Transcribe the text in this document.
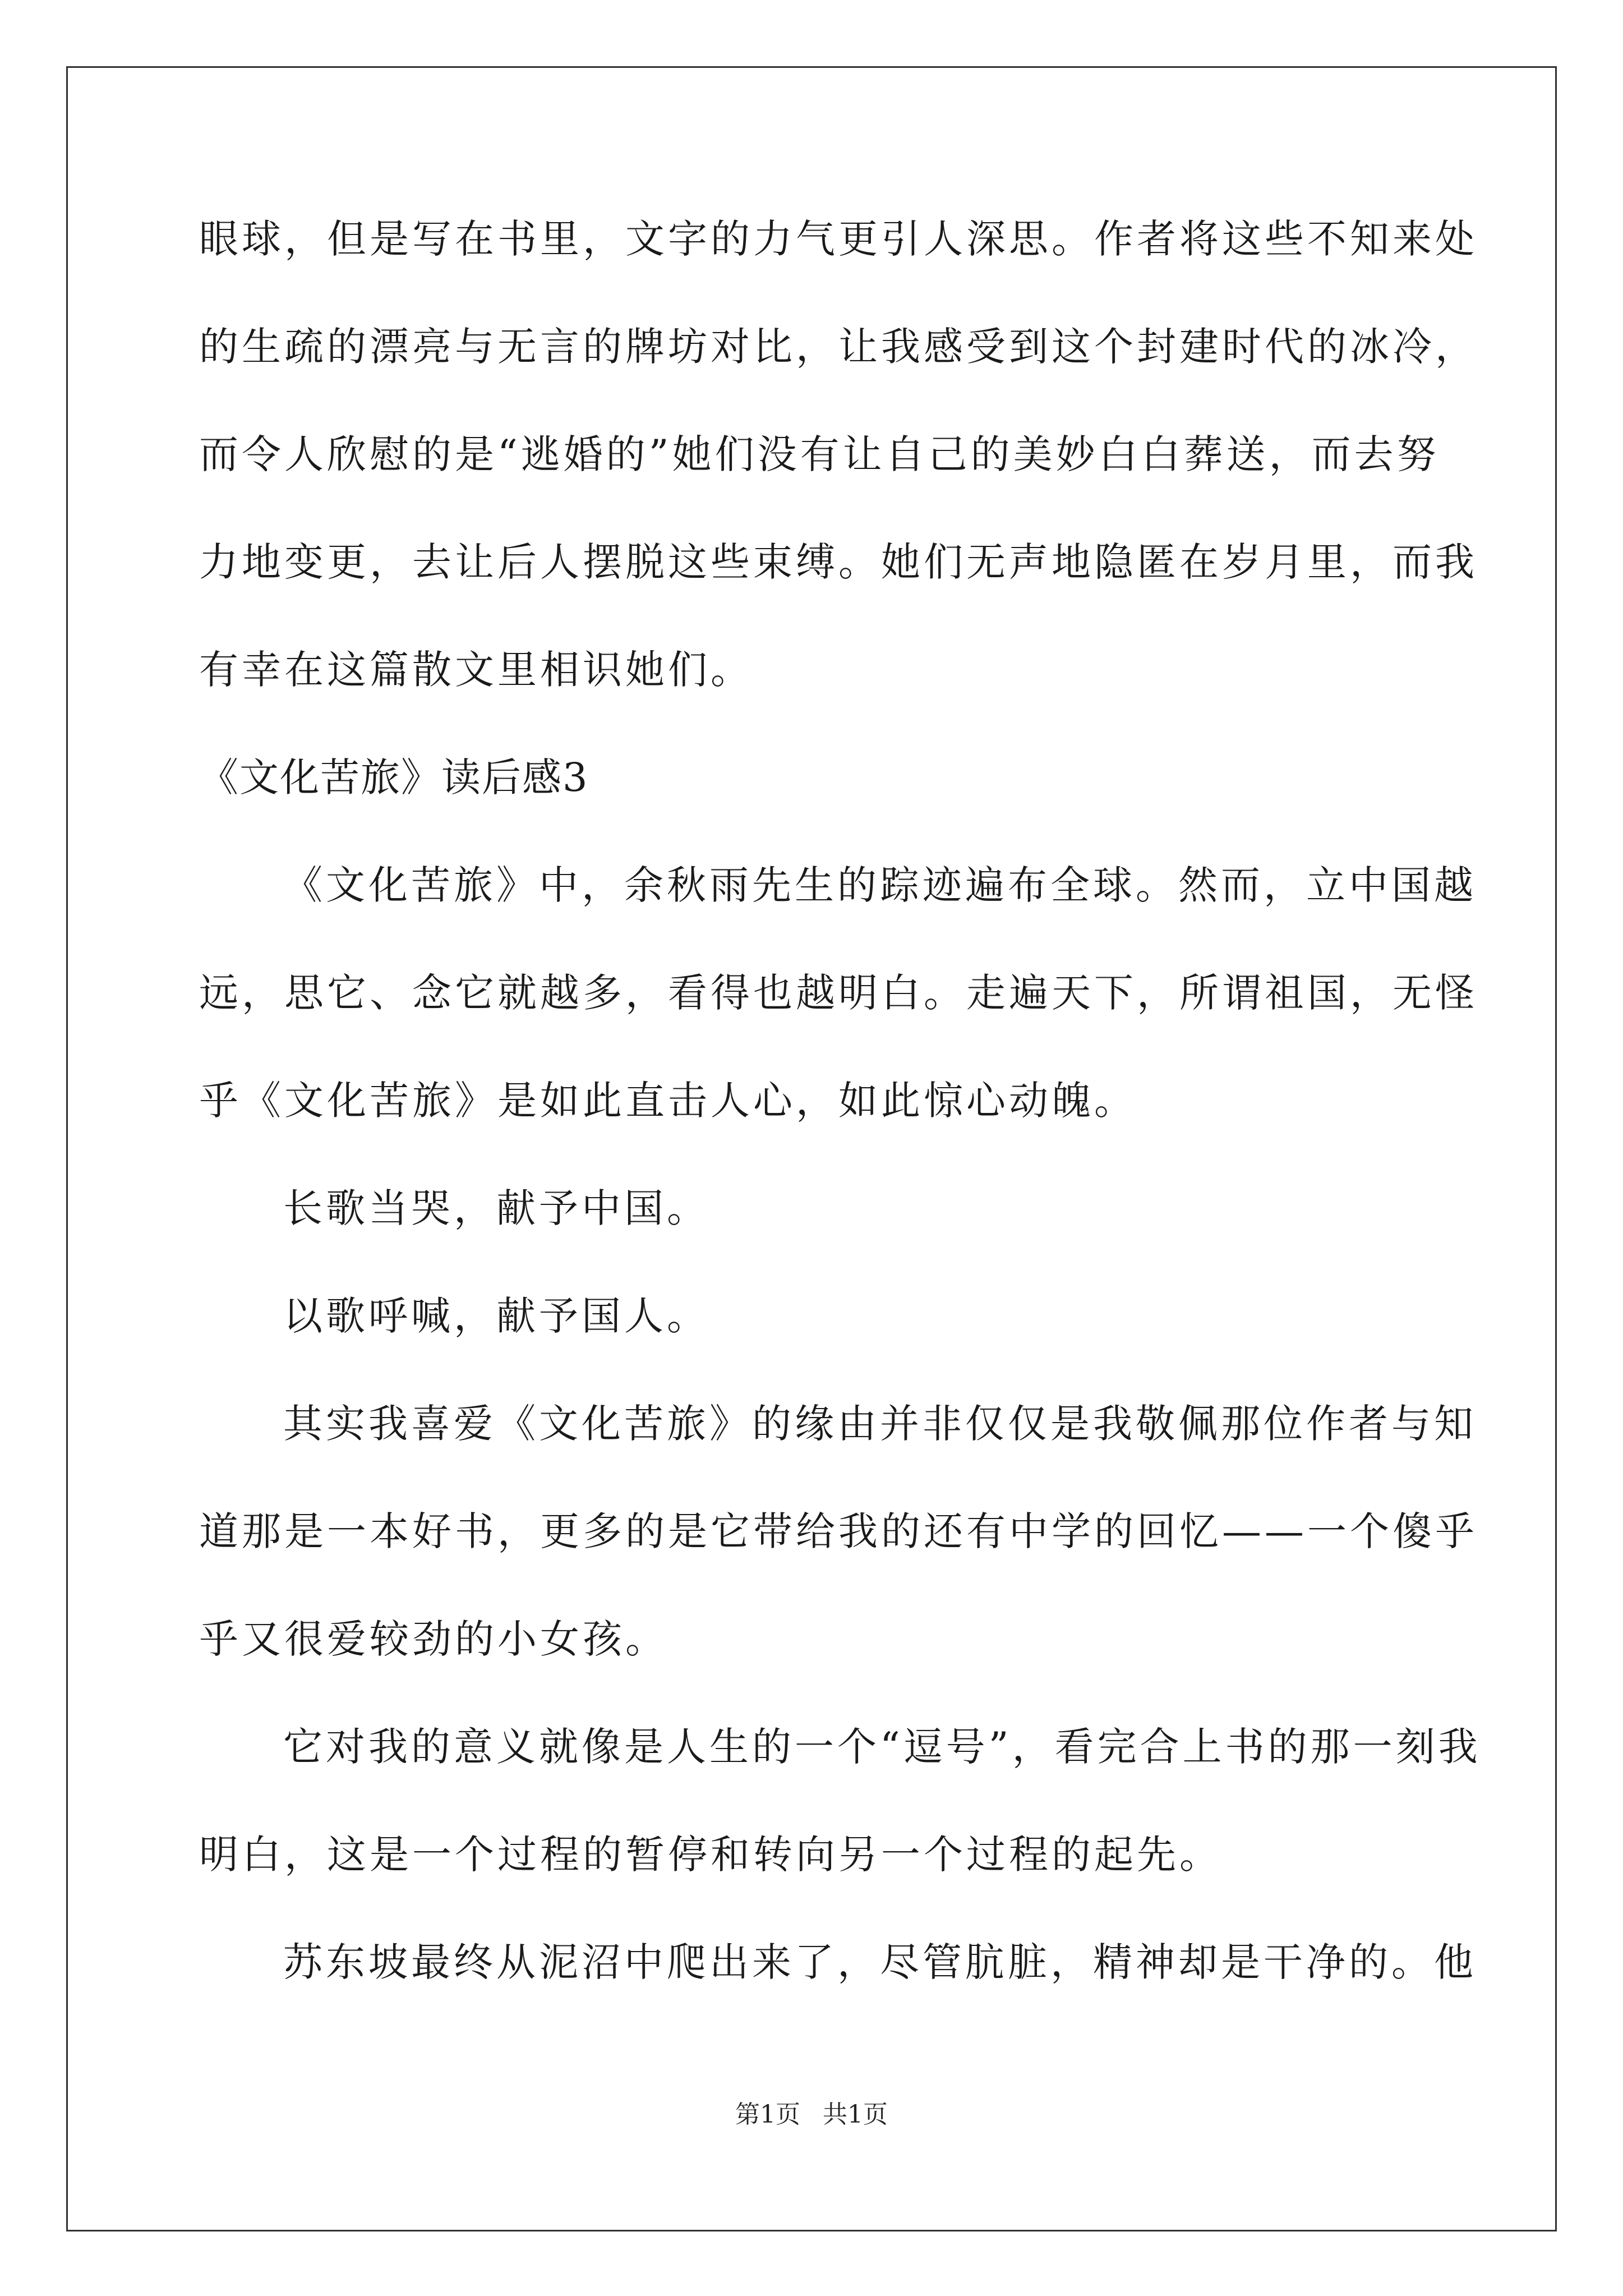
眼球，但是写在书里，文字的力气更引人深思。作者将这些不知来处
的生疏的漂亮与无言的牌坊对比，让我感受到这个封建时代的冰冷，
而令人欣慰的是“逃婚的”她们没有让自己的美妙白白葬送，而去努
力地变更，去让后人摆脱这些束缚。她们无声地隐匿在岁月里，而我
有幸在这篇散文里相识她们。
《文化苦旅》读后感3
《文化苦旅》中，余秋雨先生的踪迹遍布全球。然而，立中国越
远，思它、念它就越多，看得也越明白。走遍天下，所谓祖国，无怪
乎《文化苦旅》是如此直击人心，如此惊心动魄。
长歌当哭，献予中国。
以歌呼喊，献予国人。
其实我喜爱《文化苦旅》的缘由并非仅仅是我敬佩那位作者与知
道那是一本好书，更多的是它带给我的还有中学的回忆——一个傻乎
乎又很爱较劲的小女孩。
它对我的意义就像是人生的一个“逗号”，看完合上书的那一刻我
明白，这是一个过程的暂停和转向另一个过程的起先。
苏东坡最终从泥沼中爬出来了，尽管肮脏，精神却是干净的。他
第1页 共1页
